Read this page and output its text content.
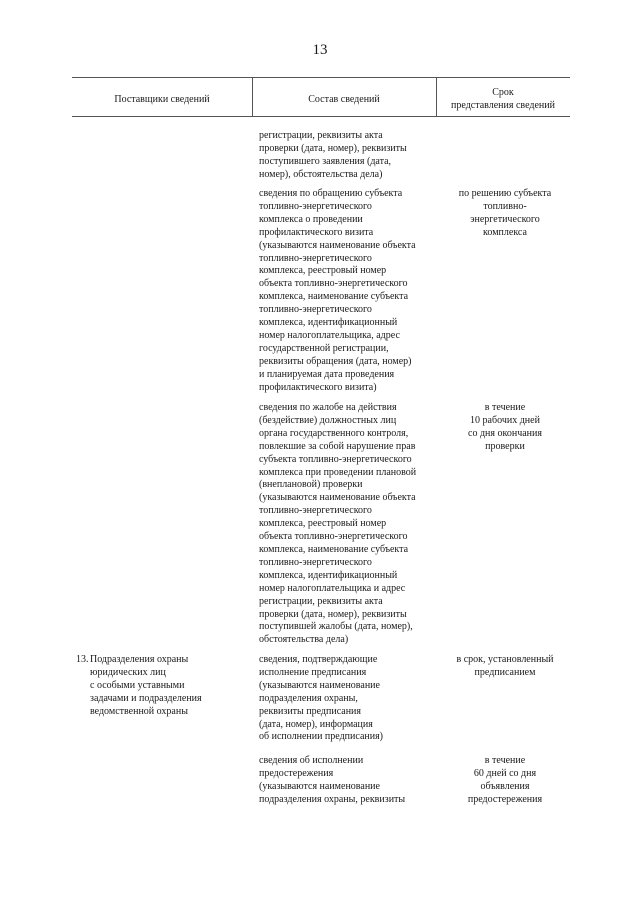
13
Поставщики сведений	Состав сведений
Срок
представления сведений
регистрации, реквизиты акта
проверки (дата, номер), реквизиты
поступившего заявления (дата,
номер), обстоятельства дела)
сведения по обращению субъекта
топливно-энергетического
комплекса о проведении
профилактического визита
(указываются наименование объекта
топливно-энергетического
комплекса, реестровый номер
объекта топливно-энергетического
комплекса, наименование субъекта
топливно-энергетического
комплекса, идентификационный
номер налогоплательщика, адрес
государственной регистрации,
реквизиты обращения (дата, номер)
и планируемая дата проведения
профилактического визита)
по решению субъекта
топливно-
энергетического
комплекса
сведения по жалобе на действия
(бездействие) должностных лиц
органа государственного контроля,
повлекшие за собой нарушение прав
субъекта топливно-энергетического
комплекса при проведении плановой
(внеплановой) проверки
(указываются наименование объекта
топливно-энергетического
комплекса, реестровый номер
объекта топливно-энергетического
комплекса, наименование субъекта
топливно-энергетического
комплекса, идентификационный
номер налогоплательщика и адрес
регистрации, реквизиты акта
проверки (дата, номер), реквизиты
поступившей жалобы (дата, номер),
обстоятельства дела)
в течение
10 рабочих дней
со дня окончания
проверки
13. Подразделения охраны
юридических лиц
с особыми уставными
задачами и подразделения
ведомственной охраны
сведения, подтверждающие
исполнение предписания
(указываются наименование
подразделения охраны,
реквизиты предписания
(дата, номер), информация
об исполнении предписания)
в срок, установленный
предписанием
сведения об исполнении
предостережения
(указываются наименование
подразделения охраны, реквизиты
в течение
60 дней со дня
объявления
предостережения
